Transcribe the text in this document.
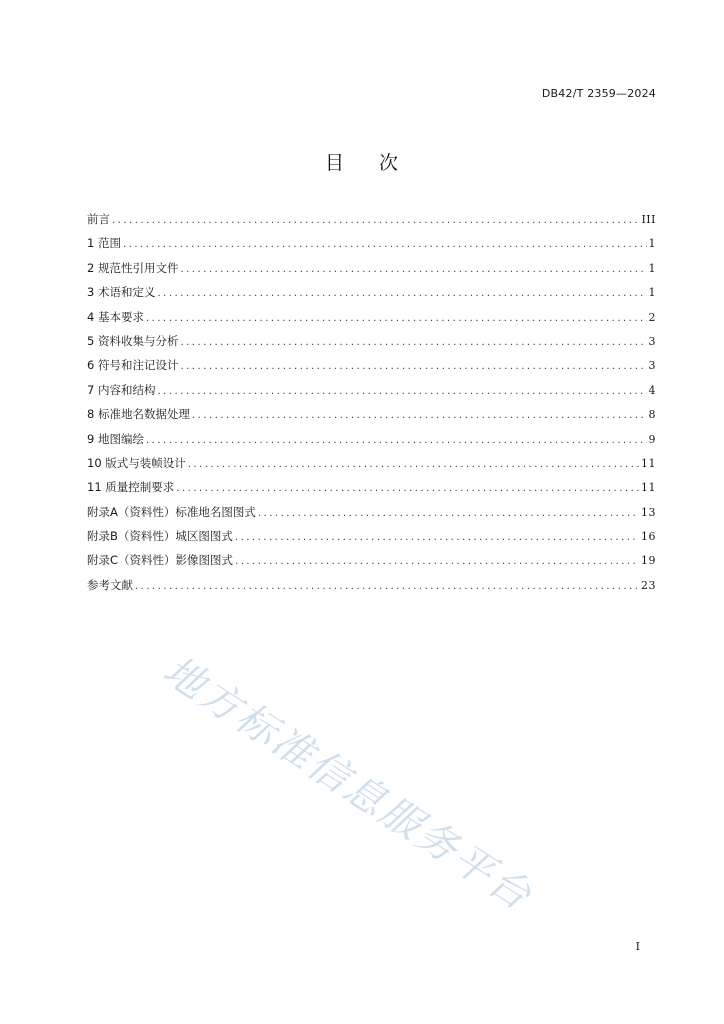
DB42/T 2359—2024
目 次
前言 .....	III
1 范围 .....	1
2 规范性引用文件 .....	1
3 术语和定义 .....	1
4 基本要求 .....	2
5 资料收集与分析 .....	3
6 符号和注记设计 .....	3
7 内容和结构 .....	4
8 标准地名数据处理 .....	8
9 地图编绘 .....	9
10 版式与装帧设计 .....	11
11 质量控制要求 .....	11
附录A（资料性）标准地名图图式 .....	13
附录B（资料性）城区图图式 .....	16
附录C（资料性）影像图图式 .....	19
参考文献 .....	23
地方标准信息服务平台
I
